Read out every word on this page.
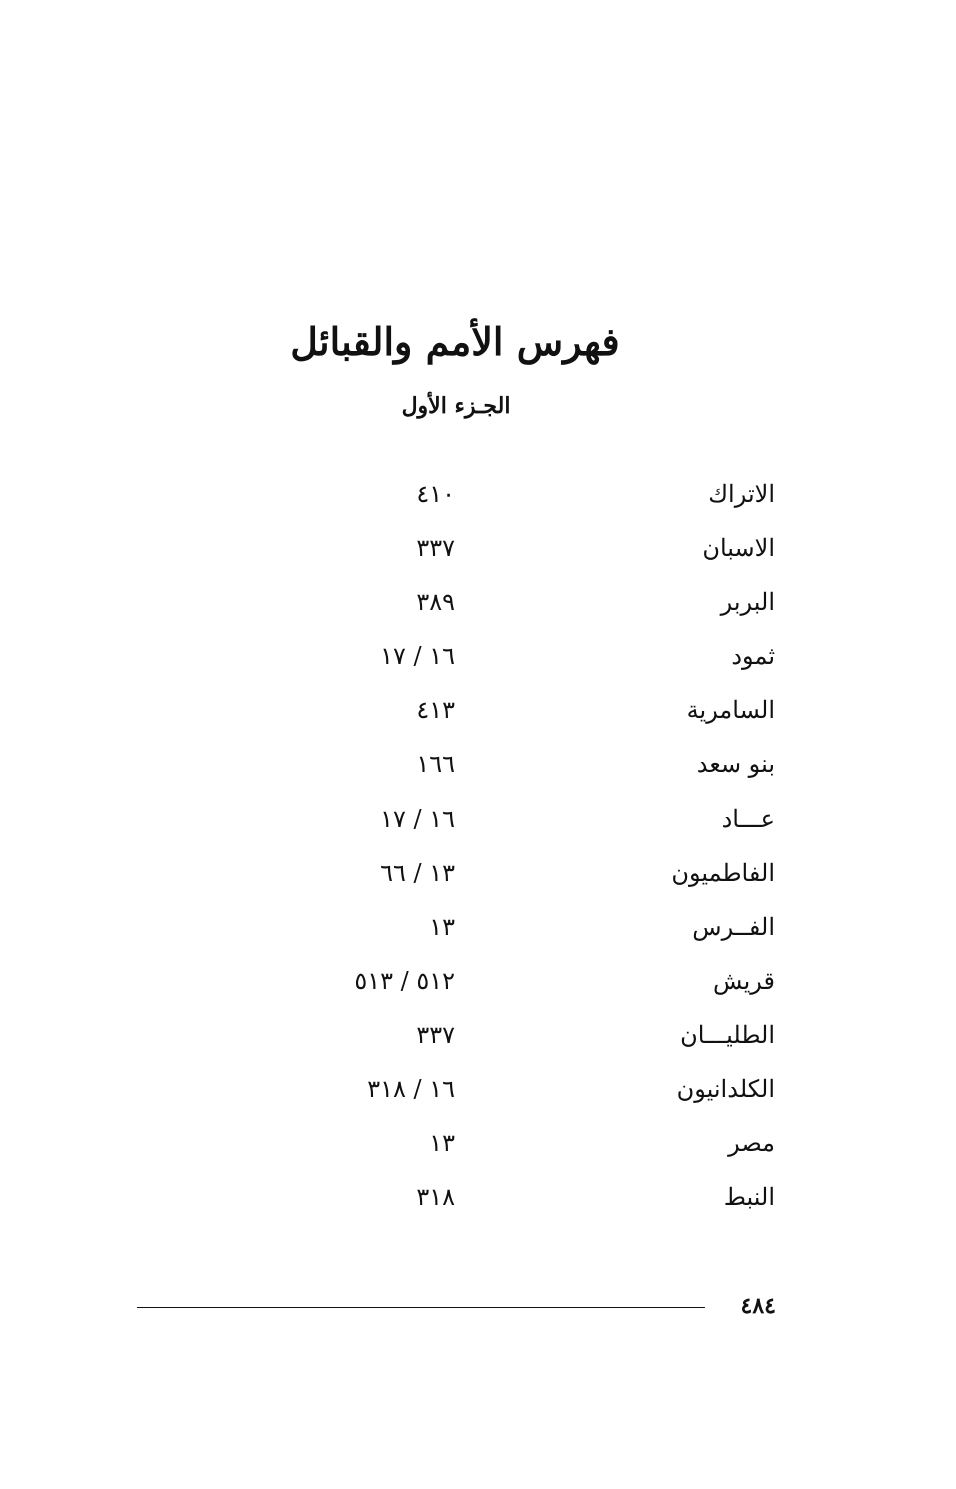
فهرس الأمم والقبائل
الجـزء الأول
الاتراك
٤١٠
الاسبان
٣٣٧
البربر
٣٨٩
ثمود
١٦ / ١٧
السامرية
٤١٣
بنو سعد
١٦٦
عـــاد
١٦ / ١٧
الفاطميون
١٣ / ٦٦
الفــرس
١٣
قريش
٥١٢ / ٥١٣
الطليـــان
٣٣٧
الكلدانيون
١٦ / ٣١٨
مصر
١٣
النبط
٣١٨
٤٨٤
